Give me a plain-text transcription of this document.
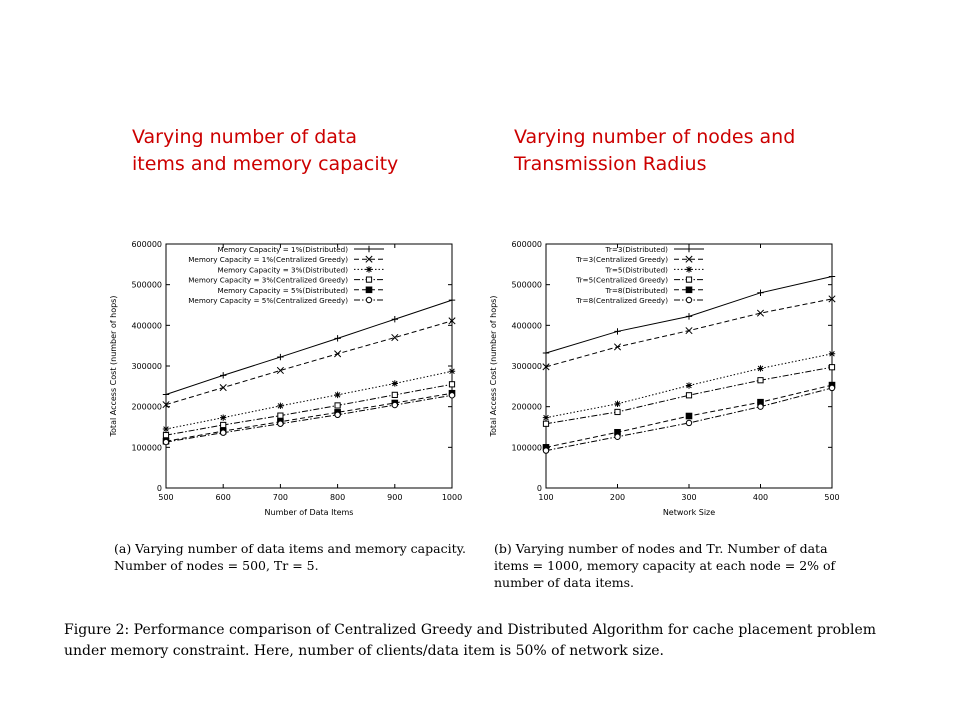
Varying number of data
items and memory capacity
Varying number of nodes and
Transmission Radius
0
100000
200000
300000
400000
500000
600000
500	600	700	800	900	1000
Number of Data Items
Total Access Cost (number of hops)
Memory Capacity = 1%(Distributed)
Memory Capacity = 1%(Centralized Greedy)
Memory Capacity = 3%(Distributed)
Memory Capacity = 3%(Centralized Greedy)
Memory Capacity = 5%(Distributed)
Memory Capacity = 5%(Centralized Greedy)
0
100000
200000
300000
400000
500000
600000
100	200	300	400	500
Network Size
Total Access Cost (number of hops)
Tr=3(Distributed)
Tr=3(Centralized Greedy)
Tr=5(Distributed)
Tr=5(Centralized Greedy)
Tr=8(Distributed)
Tr=8(Centralized Greedy)
(a) Varying number of data items and memory capacity. Number of nodes = 500, Tr = 5.
(b) Varying number of nodes and Tr. Number of data items = 1000, memory capacity at each node = 2% of number of data items.
Figure 2: Performance comparison of Centralized Greedy and Distributed Algorithm for cache placement problem under memory constraint. Here, number of clients/data item is 50% of network size.
